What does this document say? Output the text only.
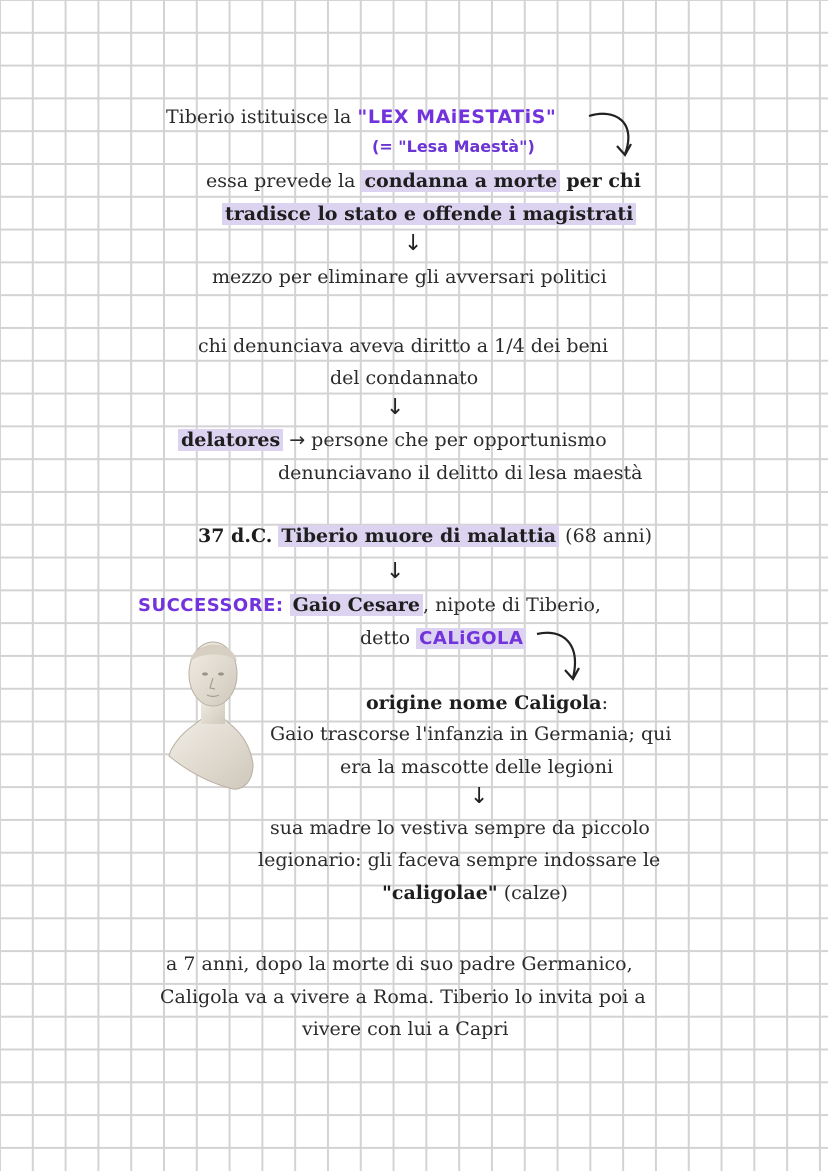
Tiberio istituisce la "LEX MAiESTATiS"
(= "Lesa Maestà")
essa prevede la condanna a morte per chi
tradisce lo stato e offende i magistrati
↓
mezzo per eliminare gli avversari politici
chi denunciava aveva diritto a 1/4 dei beni
del condannato
↓
delatores → persone che per opportunismo
denunciavano il delitto di lesa maestà
37 d.C. Tiberio muore di malattia (68 anni)
↓
SUCCESSORE: Gaio Cesare , nipote di Tiberio,
detto CALiGOLA
origine nome Caligola:
Gaio trascorse l'infanzia in Germania; qui
era la mascotte delle legioni
↓
sua madre lo vestiva sempre da piccolo
legionario: gli faceva sempre indossare le
"caligolae" (calze)
a 7 anni, dopo la morte di suo padre Germanico,
Caligola va a vivere a Roma. Tiberio lo invita poi a
vivere con lui a Capri
